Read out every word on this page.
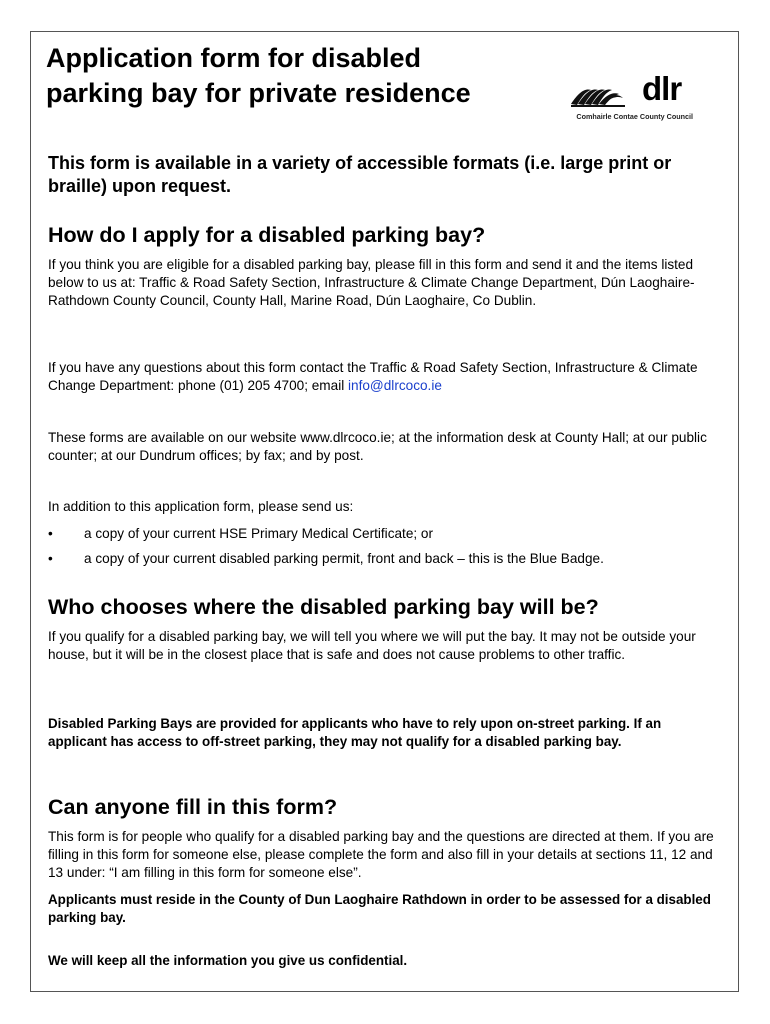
Application form for disabled parking bay for private residence	dlr
Comhairle Contae County Council

This form is available in a variety of accessible formats (i.e. large print or braille) upon request.

How do I apply for a disabled parking bay?

If you think you are eligible for a disabled parking bay, please fill in this form and send it and the items listed below to us at: Traffic & Road Safety Section, Infrastructure & Climate Change Department, Dún Laoghaire-Rathdown County Council, County Hall, Marine Road, Dún Laoghaire, Co Dublin.

If you have any questions about this form contact the Traffic & Road Safety Section, Infrastructure & Climate Change Department: phone (01) 205 4700; email info@dlrcoco.ie

These forms are available on our website www.dlrcoco.ie; at the information desk at County Hall; at our public counter; at our Dundrum offices; by fax; and by post.

In addition to this application form, please send us:

• a copy of your current HSE Primary Medical Certificate; or
• a copy of your current disabled parking permit, front and back – this is the Blue Badge.
Who chooses where the disabled parking bay will be?

If you qualify for a disabled parking bay, we will tell you where we will put the bay. It may not be outside your house, but it will be in the closest place that is safe and does not cause problems to other traffic.

Disabled Parking Bays are provided for applicants who have to rely upon on-street parking. If an applicant has access to off-street parking, they may not qualify for a disabled parking bay.

Can anyone fill in this form?

This form is for people who qualify for a disabled parking bay and the questions are directed at them. If you are filling in this form for someone else, please complete the form and also fill in your details at sections 11, 12 and 13 under: “I am filling in this form for someone else”.

Applicants must reside in the County of Dun Laoghaire Rathdown in order to be assessed for a disabled parking bay.

We will keep all the information you give us confidential.
